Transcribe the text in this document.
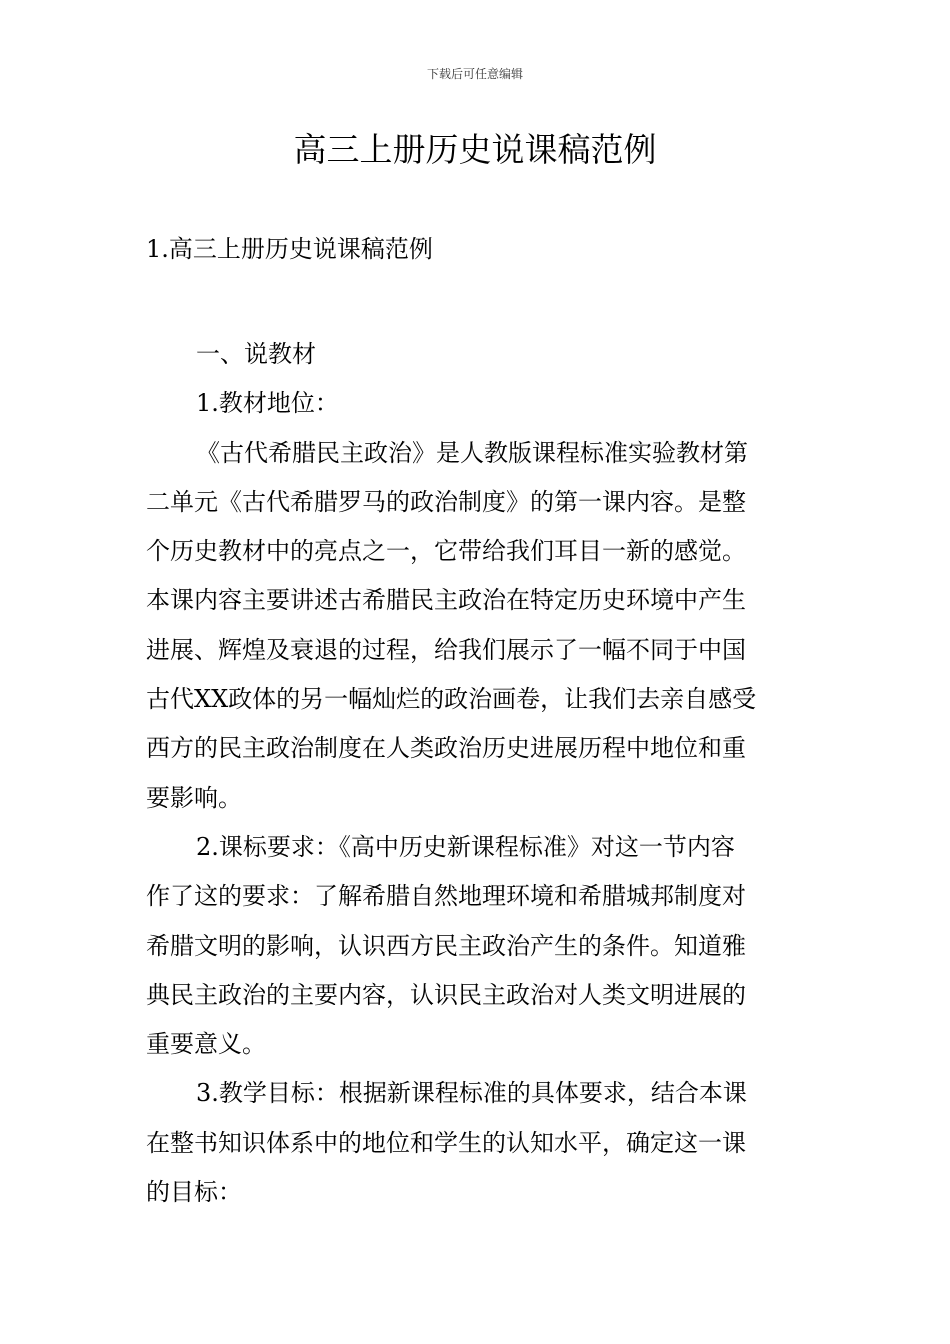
下载后可任意编辑
高三上册历史说课稿范例
1.高三上册历史说课稿范例
一、说教材
1.教材地位：
《古代希腊民主政治》是人教版课程标准实验教材第
二单元《古代希腊罗马的政治制度》的第一课内容。是整
个历史教材中的亮点之一，它带给我们耳目一新的感觉。
本课内容主要讲述古希腊民主政治在特定历史环境中产生
进展、辉煌及衰退的过程，给我们展示了一幅不同于中国
古代XX政体的另一幅灿烂的政治画卷，让我们去亲自感受
西方的民主政治制度在人类政治历史进展历程中地位和重
要影响。
2.课标要求：《高中历史新课程标准》对这一节内容
作了这的要求：了解希腊自然地理环境和希腊城邦制度对
希腊文明的影响，认识西方民主政治产生的条件。知道雅
典民主政治的主要内容，认识民主政治对人类文明进展的
重要意义。
3.教学目标：根据新课程标准的具体要求，结合本课
在整书知识体系中的地位和学生的认知水平，确定这一课
的目标：
